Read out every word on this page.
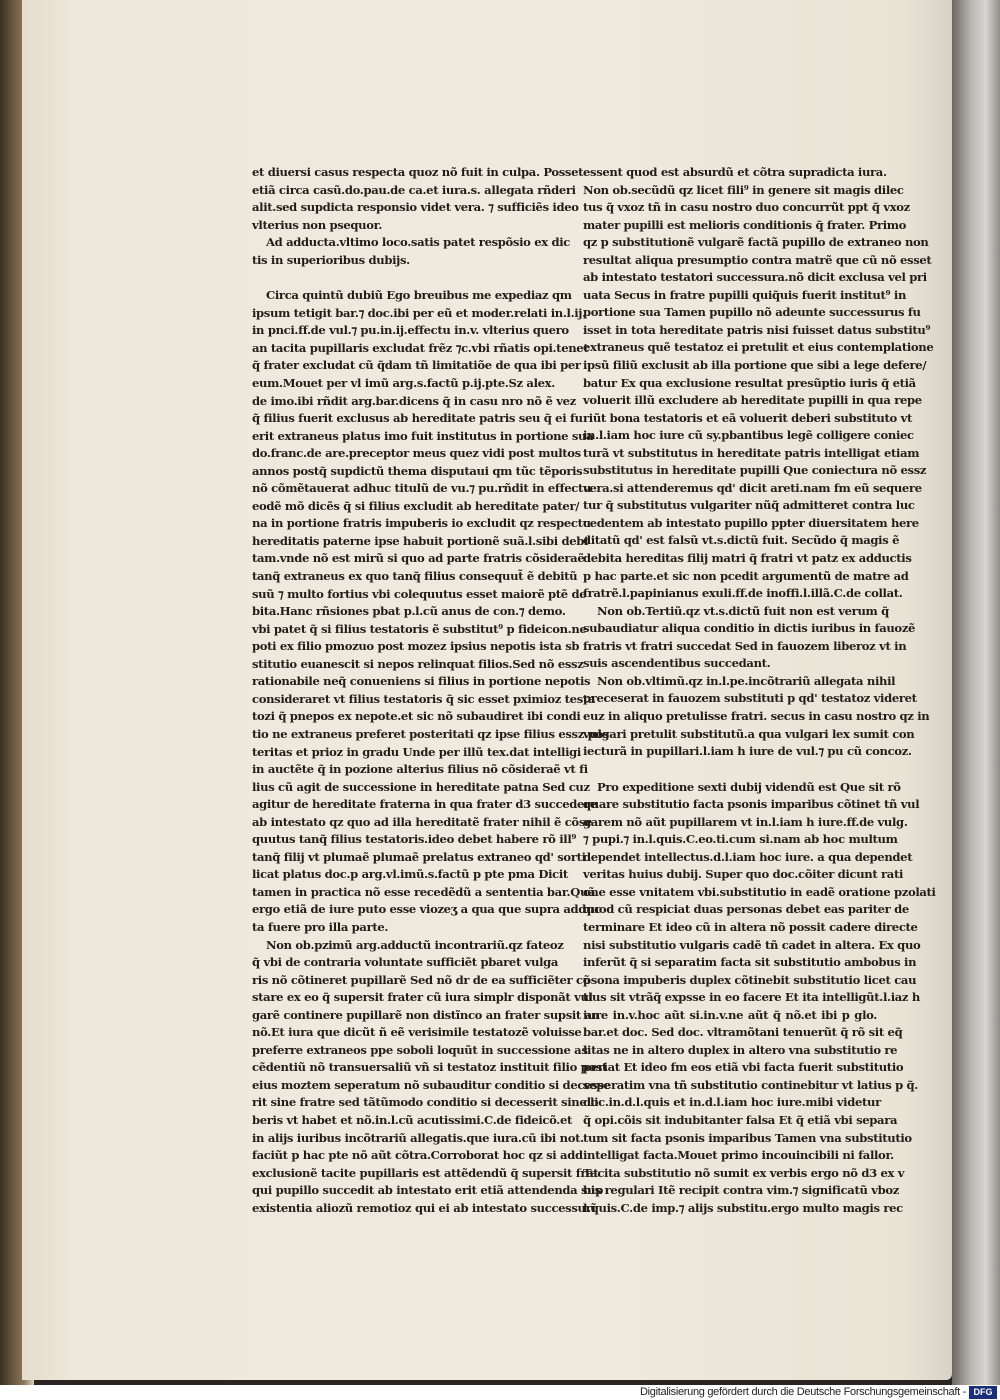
et diuersi casus respecta quoz nõ fuit in culpa. Posset
etiã circa casũ.do.pau.de ca.et iura.s. allegata rñderi
alit.sed supdicta responsio videt vera. ⁊ sufficiẽs ideo
vlterius non psequor.
Ad adducta.vltimo loco.satis patet respõsio ex dic
tis in superioribus dubijs.
Circa quintũ dubiũ Ego breuibus me expediaz qm
ipsum tetigit bar.⁊ doc.ibi per eũ et moder.relati in.l.ij.
in pnci.ff.de vul.⁊ pu.in.ij.effectu in.v. vlterius quero
an tacita pupillaris excludat frẽz ⁊c.vbi rñatis opi.tenet
q̃ frater excludat cũ q̃dam tñ limitatiõe de qua ibi per
eum.Mouet per vl imũ arg.s.factũ p.ij.pte.Sz alex.
de imo.ibi rñdit arg.bar.dicens q̃ in casu nro nõ ẽ vez
q̃ filius fuerit exclusus ab hereditate patris seu q̃ ei fu
erit extraneus platus imo fuit institutus in portione sua
do.franc.de are.preceptor meus quez vidi post multos
annos postq̃ supdictũ thema disputaui qm tũc tẽporis
nõ cõmẽtauerat adhuc titulũ de vu.⁊ pu.rñdit in effectu
eodẽ mõ dicẽs q̃ si filius excludit ab hereditate pater/
na in portione fratris impuberis io excludit qz respectu
hereditatis paterne ipse habuit portionẽ suã.l.sibi debi
tam.vnde nõ est mirũ si quo ad parte fratris cõsideraẽ
tanq̃ extraneus ex quo tanq̃ filius consequut̃ ẽ debitũ
suũ ⁊ multo fortius vbi colequutus esset maiorẽ ptẽ de
bita.Hanc rñsiones pbat p.l.cũ anus de con.⁊ demo.
vbi patet q̃ si filius testatoris ẽ substitut⁹ p fideicon.ne
poti ex filio pmozuo post mozez ipsius nepotis ista sb
stitutio euanescit si nepos relinquat filios.Sed nõ essz
rationabile neq̃ conueniens si filius in portione nepotis
consideraret vt filius testatoris q̃ sic esset pximioz testa
tozi q̃ pnepos ex nepote.et sic nõ subaudiret ibi condi
tio ne extraneus preferet posteritati qz ipse filius essz pos
teritas et prioz in gradu Unde per illũ tex.dat intelligi
in auctẽte q̃ in pozione alterius filius nõ cõsideraẽ vt fi
lius cũ agit de successione in hereditate patna Sed cuz
agitur de hereditate fraterna in qua frater d3 succedere
ab intestato qz quo ad illa hereditatẽ frater nihil ẽ cõse
quutus tanq̃ filius testatoris.ideo debet habere rõ ill⁹
tanq̃ filij vt plumaẽ plumaẽ prelatus extraneo qd' sorti
licat platus doc.p arg.vl.imũ.s.factũ p pte pma Dicit
tamen in practica nõ esse recedẽdũ a sententia bar.Quã
ergo etiã de iure puto esse viozeʒ a qua que supra adduc
ta fuere pro illa parte.
Non ob.pzimũ arg.adductũ incontrariũ.qz fateoz
q̃ vbi de contraria voluntate sufficiẽt pbaret vulga
ris nõ cõtineret pupillarẽ Sed nõ dr de ea sufficiẽter cõ
stare ex eo q̃ supersit frater cũ iura simplr disponãt vul
garẽ continere pupillarẽ non distĩnco an frater supsit an
nõ.Et iura que dicũt ñ eẽ verisimile testatozẽ voluisse
preferre extraneos ppe soboli loquũt in successione as
cẽdentiũ nõ transuersaliũ vñ si testatoz instituit filio post
eius moztem seperatum nõ subauditur conditio si decesse
rit sine fratre sed tãtũmodo conditio si decesserit sine li
beris vt habet et nõ.in.l.cũ acutissimi.C.de fideicõ.et
in alijs iuribus incõtrariũ allegatis.que iura.cũ ibi not.
faciũt p hac pte nõ aũt cõtra.Corroborat hoc qz si add
exclusionẽ tacite pupillaris est attẽdendũ q̃ supersit frat
qui pupillo succedit ab intestato erit etiã attendenda sup
existentia aliozũ remotioz qui ei ab intestato successurĩ
essent quod est absurdũ et cõtra supradicta iura.
Non ob.secũdũ qz licet fili⁹ in genere sit magis dilec
tus q̃ vxoz tñ in casu nostro duo concurrũt ppt q̃ vxoz
mater pupilli est melioris conditionis q̃ frater. Primo
qz p substitutionẽ vulgarẽ factã pupillo de extraneo non
resultat aliqua presumptio contra matrẽ que cũ nõ esset
ab intestato testatori successura.nõ dicit exclusa vel pri
uata Secus in fratre pupilli quiq̃uis fuerit institut⁹ in
portione sua Tamen pupillo nõ adeunte successurus fu
isset in tota hereditate patris nisi fuisset datus substitu⁹
extraneus quẽ testatoz ei pretulit et eius contemplatione
ipsũ filiũ exclusit ab illa portione que sibi a lege defere/
batur Ex qua exclusione resultat presũptio iuris q̃ etiã
voluerit illũ excludere ab hereditate pupilli in qua repe
riũt bona testatoris et eã voluerit deberi substituto vt
in.l.iam hoc iure cũ sy.pbantibus legẽ colligere coniec
turã vt substitutus in hereditate patris intelligat etiam
substitutus in hereditate pupilli Que coniectura nõ essz
vera.si attenderemus qd' dicit areti.nam fm eũ sequere
tur q̃ substitutus vulgariter nũq̃ admitteret contra luc
cedentem ab intestato pupillo ppter diuersitatem here
ditatũ qd' est falsũ vt.s.dictũ fuit. Secũdo q̃ magis ẽ
debita hereditas filij matri q̃ fratri vt patz ex adductis
p hac parte.et sic non pcedit argumentũ de matre ad
fratrẽ.l.papinianus exuli.ff.de inoffi.l.illã.C.de collat.
Non ob.Tertiũ.qz vt.s.dictũ fuit non est verum q̃
subaudiatur aliqua conditio in dictis iuribus in fauozẽ
fratris vt fratri succedat Sed in fauozem liberoz vt in
suis ascendentibus succedant.
Non ob.vltimũ.qz in.l.pe.incõtrariũ allegata nihil
preceserat in fauozem substituti p qd' testatoz videret
euz in aliquo pretulisse fratri. secus in casu nostro qz in
vulgari pretulit substitutũ.a qua vulgari lex sumit con
iecturã in pupillari.l.iam h iure de vul.⁊ pu cũ concoz.
Pro expeditione sexti dubij videndũ est Que sit rõ
quare substitutio facta psonis imparibus cõtinet tñ vul
garem nõ aũt pupillarem vt in.l.iam h iure.ff.de vulg.
⁊ pupi.⁊ in.l.quis.C.eo.ti.cum si.nam ab hoc multum
dependet intellectus.d.l.iam hoc iure. a qua dependet
veritas huius dubij. Super quo doc.cõiter dicunt rati
one esse vnitatem vbi.substitutio in eadẽ oratione pzolati
quod cũ respiciat duas personas debet eas pariter de
terminare Et ideo cũ in altera nõ possit cadere directe
nisi substitutio vulgaris cadẽ tñ cadet in altera. Ex quo
inferũt q̃ si separatim facta sit substitutio ambobus in
psona impuberis duplex cõtinebit substitutio licet cau
tius sit vtrãq̃ expsse in eo facere Et ita intelligũt.l.iaz h
iure in.v.hoc aũt si.in.v.ne aũt q̃ nõ.et ibi p glo.
bar.et doc. Sed doc. vltramõtani tenuerũt q̃ rõ sit eq̃
litas ne in altero duplex in altero vna substitutio re
periat Et ideo fm eos etiã vbi facta fuerit substitutio
seperatim vna tñ substitutio continebitur vt latius p q̃.
doc.in.d.l.quis et in.d.l.iam hoc iure.mibi videtur
q̃ opi.cõis sit indubitanter falsa Et q̃ etiã vbi separa
tum sit facta psonis imparibus Tamen vna substitutio
intelligat facta.Mouet primo incouincibili ni fallor.
Tacita substitutio nõ sumit ex verbis ergo nõ d3 ex v
bis regulari Itẽ recipit contra vim.⁊ significatũ vboz
l.quis.C.de imp.⁊ alijs substitu.ergo multo magis rec
Digitalisierung gefördert durch die Deutsche Forschungsgemeinschaft - DFG
